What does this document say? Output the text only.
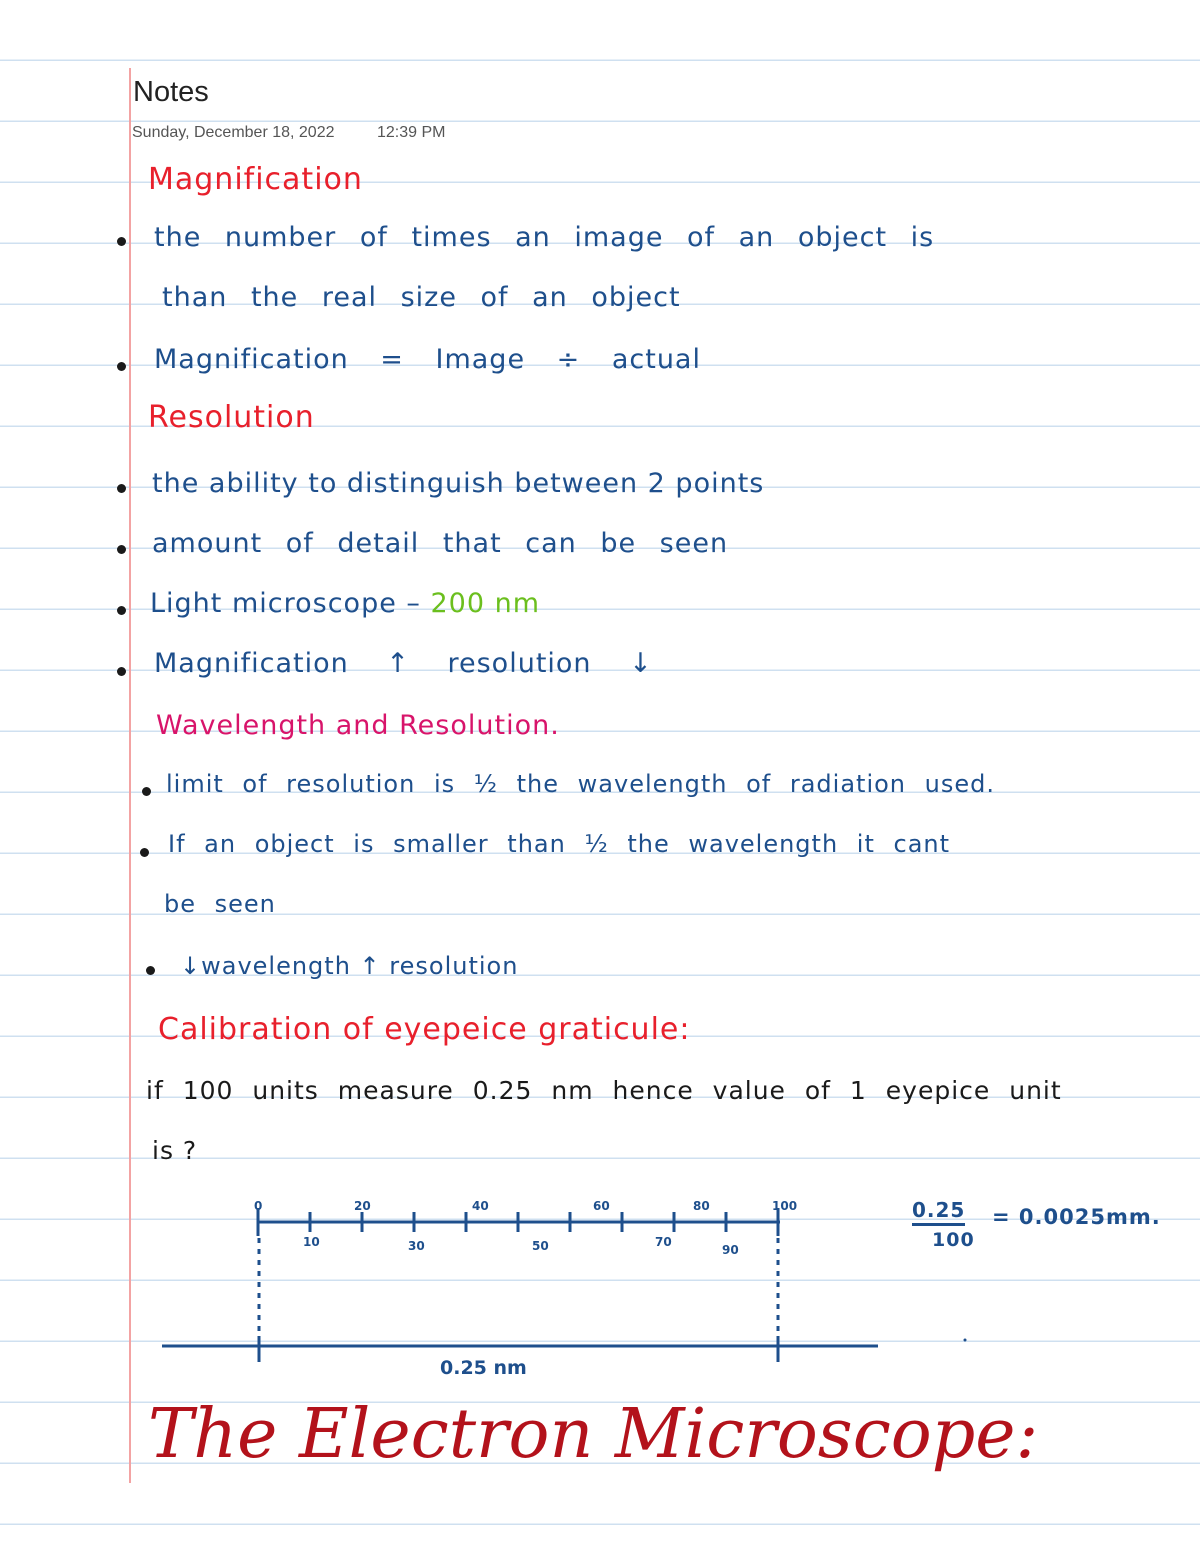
Notes
Sunday, December 18, 2022	12:39 PM
Magnification
the number of times an image of an object is
than the real size of an object
Magnification = Image ÷ actual
Resolution
the ability to distinguish between 2 points
amount of detail that can be seen
Light microscope – 200 nm
Magnification ↑ resolution ↓
Wavelength and Resolution.
limit of resolution is ½ the wavelength of radiation used.
If an object is smaller than ½ the wavelength it cant
be seen
↓wavelength ↑ resolution
Calibration of eyepeice graticule:
if 100 units measure 0.25 nm hence value of 1 eyepice unit
is ?
0	20	40	60	80	100
10	30	50	70
90
0.25 nm
0.25
100
= 0.0025mm.
The Electron Microscope:
